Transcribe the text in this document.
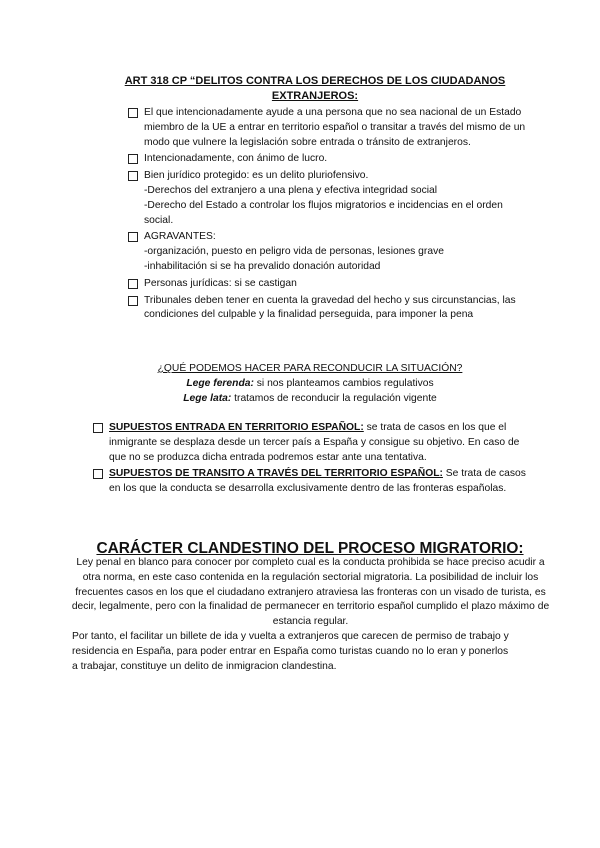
ART 318 CP “DELITOS CONTRA LOS DERECHOS DE LOS CIUDADANOS EXTRANJEROS:
El que intencionadamente ayude a una persona que no sea nacional de un Estado miembro de la UE a entrar en territorio español o transitar a través del mismo de un modo que vulnere la legislación sobre entrada o tránsito de extranjeros.
Intencionadamente, con ánimo de lucro.
Bien jurídico protegido: es un delito pluriofensivo.
-Derechos del extranjero a una plena y efectiva integridad social
-Derecho del Estado a controlar los flujos migratorios e incidencias en el orden social.
AGRAVANTES:
-organización, puesto en peligro vida de personas, lesiones grave
-inhabilitación si se ha prevalido donación autoridad
Personas jurídicas: si se castigan
Tribunales deben tener en cuenta la gravedad del hecho y sus circunstancias, las condiciones del culpable y la finalidad perseguida, para imponer la pena

¿QUÉ PODEMOS HACER PARA RECONDUCIR LA SITUACIÓN?

Lege ferenda: si nos planteamos cambios regulativos

Lege lata: tratamos de reconducir la regulación vigente

SUPUESTOS ENTRADA EN TERRITORIO ESPAÑOL: se trata de casos en los que el inmigrante se desplaza desde un tercer país a España y consigue su objetivo. En caso de que no se produzca dicha entrada podremos estar ante una tentativa.
SUPUESTOS DE TRANSITO A TRAVÉS DEL TERRITORIO ESPAÑOL: Se trata de casos en los que la conducta se desarrolla exclusivamente dentro de las fronteras españolas.
CARÁCTER CLANDESTINO DEL PROCESO MIGRATORIO:

Ley penal en blanco para conocer por completo cual es la conducta prohibida se hace preciso acudir a otra norma, en este caso contenida en la regulación sectorial migratoria. La posibilidad de incluir los frecuentes casos en los que el ciudadano extranjero atraviesa las fronteras con un visado de turista, es decir, legalmente, pero con la finalidad de permanecer en territorio español cumplido el plazo máximo de estancia regular.

Por tanto, el facilitar un billete de ida y vuelta a extranjeros que carecen de permiso de trabajo y residencia en España, para poder entrar en España como turistas cuando no lo eran y ponerlos a trabajar, constituye un delito de inmigracion clandestina.
